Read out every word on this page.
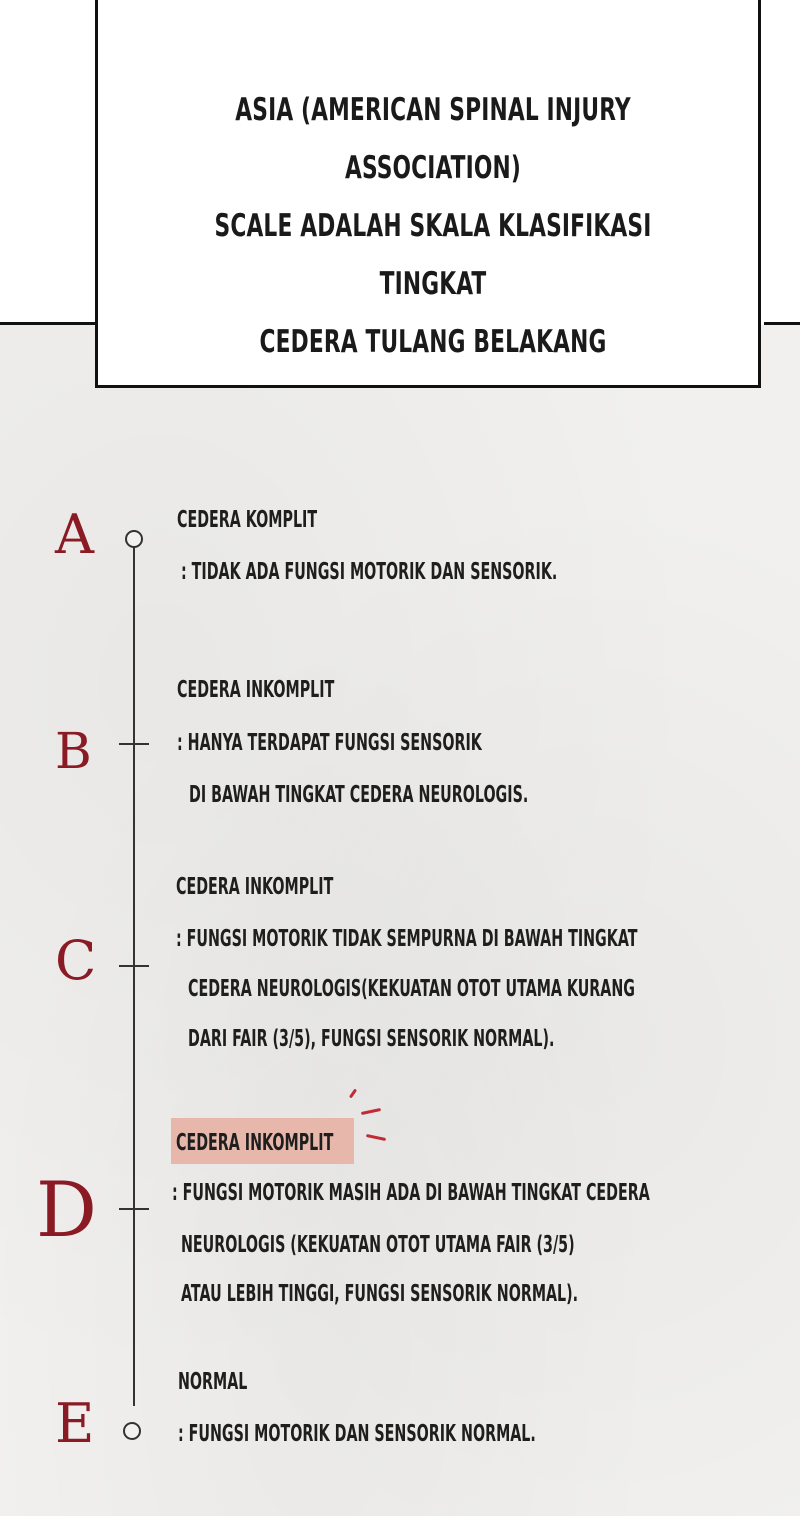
ASIA (AMERICAN SPINAL INJURY ASSOCIATION)
SCALE ADALAH SKALA KLASIFIKASI TINGKAT
CEDERA TULANG BELAKANG
A	CEDERA KOMPLIT
: TIDAK ADA FUNGSI MOTORIK DAN SENSORIK.
B
CEDERA INKOMPLIT
: HANYA TERDAPAT FUNGSI SENSORIK
DI BAWAH TINGKAT CEDERA NEUROLOGIS.
C
CEDERA INKOMPLIT
: FUNGSI MOTORIK TIDAK SEMPURNA DI BAWAH TINGKAT
CEDERA NEUROLOGIS(KEKUATAN OTOT UTAMA KURANG
DARI FAIR (3/5), FUNGSI SENSORIK NORMAL).
D
CEDERA INKOMPLIT
: FUNGSI MOTORIK MASIH ADA DI BAWAH TINGKAT CEDERA
NEUROLOGIS (KEKUATAN OTOT UTAMA FAIR (3/5)
ATAU LEBIH TINGGI, FUNGSI SENSORIK NORMAL).
E
NORMAL
: FUNGSI MOTORIK DAN SENSORIK NORMAL.
